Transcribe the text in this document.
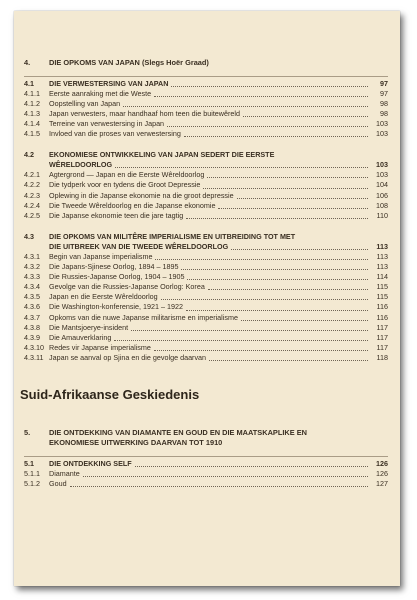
4.	DIE OPKOMS VAN JAPAN (Slegs Hoër Graad)
4.1	DIE VERWESTERSING VAN JAPAN	97
4.1.1	Eerste aanraking met die Weste	97
4.1.2	Oopstelling van Japan	98
4.1.3	Japan verwesters, maar handhaaf hom teen die buitewêreld	98
4.1.4	Terreine van verwestersing in Japan	103
4.1.5	Invloed van die proses van verwestersing	103
4.2	EKONOMIESE ONTWIKKELING VAN JAPAN SEDERT DIE EERSTE
WÊRELDOORLOG	103
4.2.1	Agtergrond — Japan en die Eerste Wêreldoorlog	103
4.2.2	Die tydperk voor en tydens die Groot Depressie	104
4.2.3	Oplewing in die Japanse ekonomie na die groot depressie	106
4.2.4	Die Tweede Wêreldoorlog en die Japanse ekonomie	108
4.2.5	Die Japanse ekonomie teen die jare tagtig	110
4.3	DIE OPKOMS VAN MILITÊRE IMPERIALISME EN UITBREIDING TOT MET
DIE UITBREEK VAN DIE TWEEDE WÊRELDOORLOG	113
4.3.1	Begin van Japanse imperialisme	113
4.3.2	Die Japans-Sjinese Oorlog, 1894 – 1895	113
4.3.3	Die Russies-Japanse Oorlog, 1904 – 1905	114
4.3.4	Gevolge van die Russies-Japanse Oorlog: Korea	115
4.3.5	Japan en die Eerste Wêreldoorlog	115
4.3.6	Die Washington-konferensie, 1921 – 1922	116
4.3.7	Opkoms van die nuwe Japanse militarisme en imperialisme	116
4.3.8	Die Mantsjoerye-insident	117
4.3.9	Die Amauverklaring	117
4.3.10 Redes vir Japanse imperialisme	117
4.3.11 Japan se aanval op Sjina en die gevolge daarvan	118
Suid-Afrikaanse Geskiedenis
5.	DIE ONTDEKKING VAN DIAMANTE EN GOUD EN DIE MAATSKAPLIKE EN
EKONOMIESE UITWERKING DAARVAN TOT 1910
5.1	DIE ONTDEKKING SELF	126
5.1.1	Diamante	126
5.1.2	Goud	127
